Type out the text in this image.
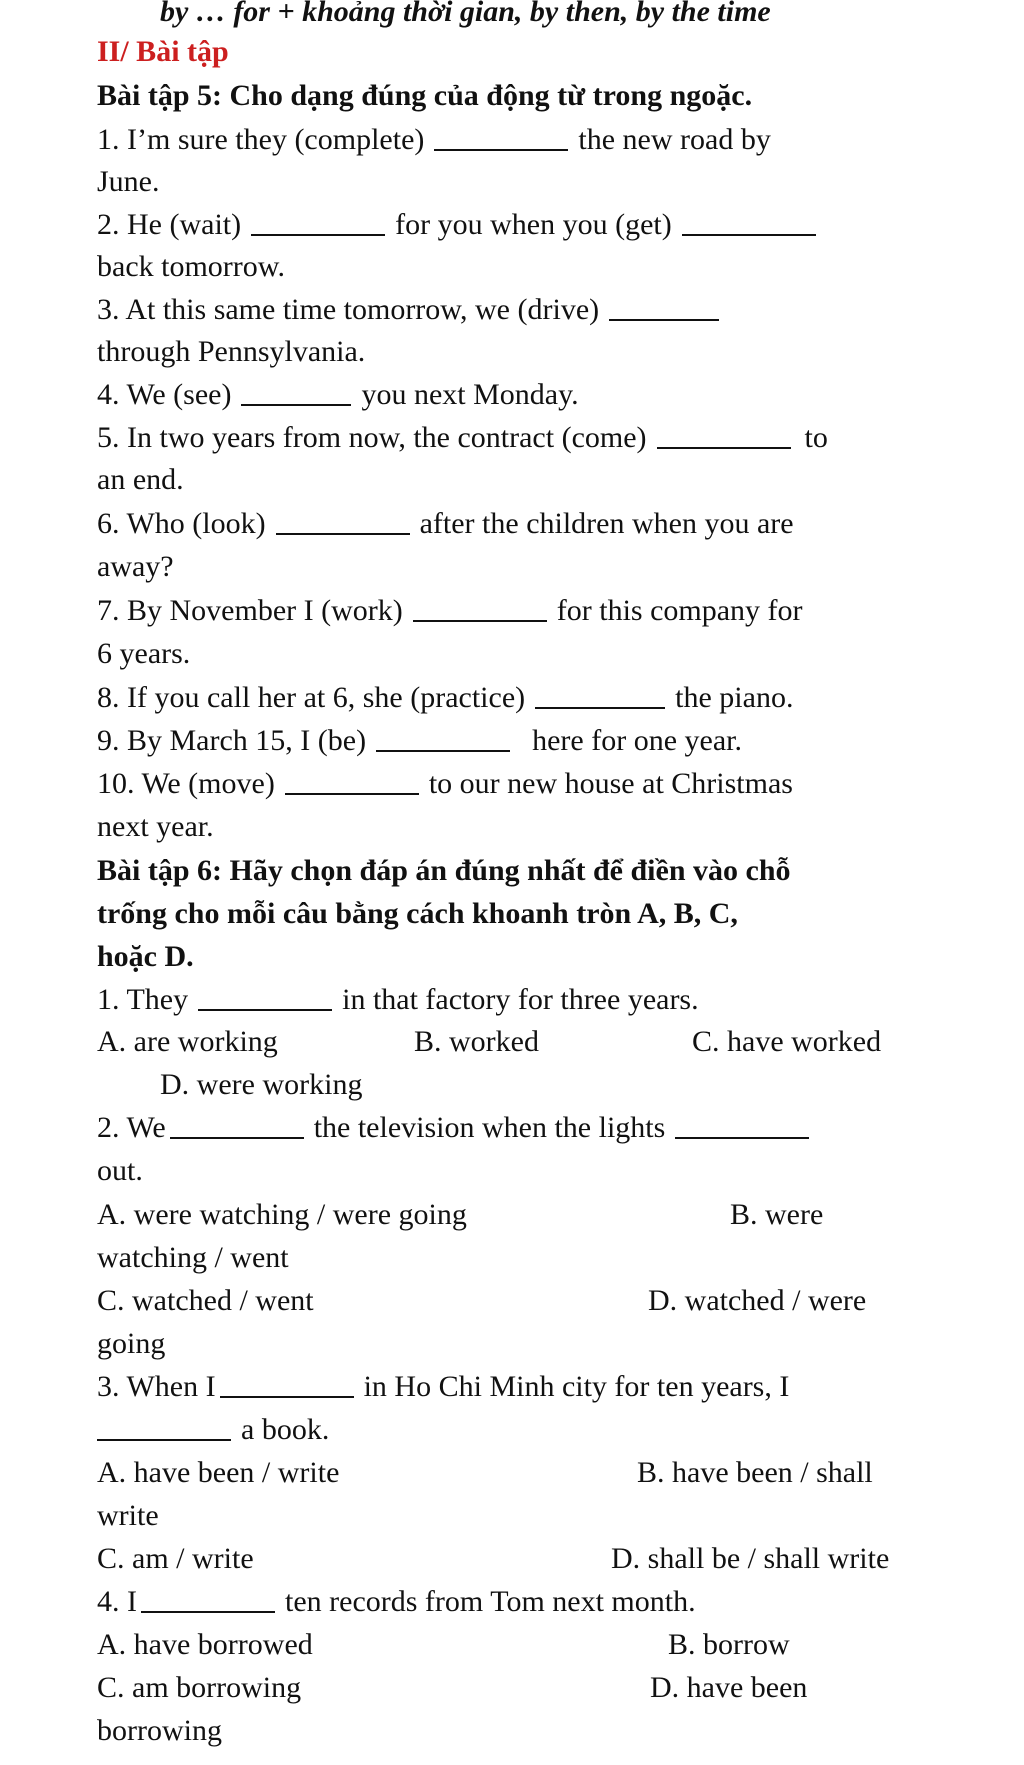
by … for + khoảng thời gian, by then, by the time
II/ Bài tập
Bài tập 5: Cho dạng đúng của động từ trong ngoặc.
1. I’m sure they (complete)	the new road by
June.
2. He (wait)	for you when you (get)
back tomorrow.
3. At this same time tomorrow, we (drive)
through Pennsylvania.
4. We (see)	you next Monday.
5. In two years from now, the contract (come)	to
an end.
6. Who (look)	after the children when you are
away?
7. By November I (work)	for this company for
6 years.
8. If you call her at 6, she (practice)	the piano.
9. By March 15, I (be)	here for one year.
10. We (move)	to our new house at Christmas
next year.
Bài tập 6: Hãy chọn đáp án đúng nhất để điền vào chỗ
trống cho mỗi câu bằng cách khoanh tròn A, B, C,
hoặc D.
1. They	in that factory for three years.
A. are working	B. worked	C. have worked
D. were working
2. We	the television when the lights
out.
A. were watching / were going	B. were
watching / went
C. watched / went	D. watched / were
going
3. When I	in Ho Chi Minh city for ten years, I
a book.
A. have been / write	B. have been / shall
write
C. am / write	D. shall be / shall write
4. I	ten records from Tom next month.
A. have borrowed	B. borrow
C. am borrowing	D. have been
borrowing
